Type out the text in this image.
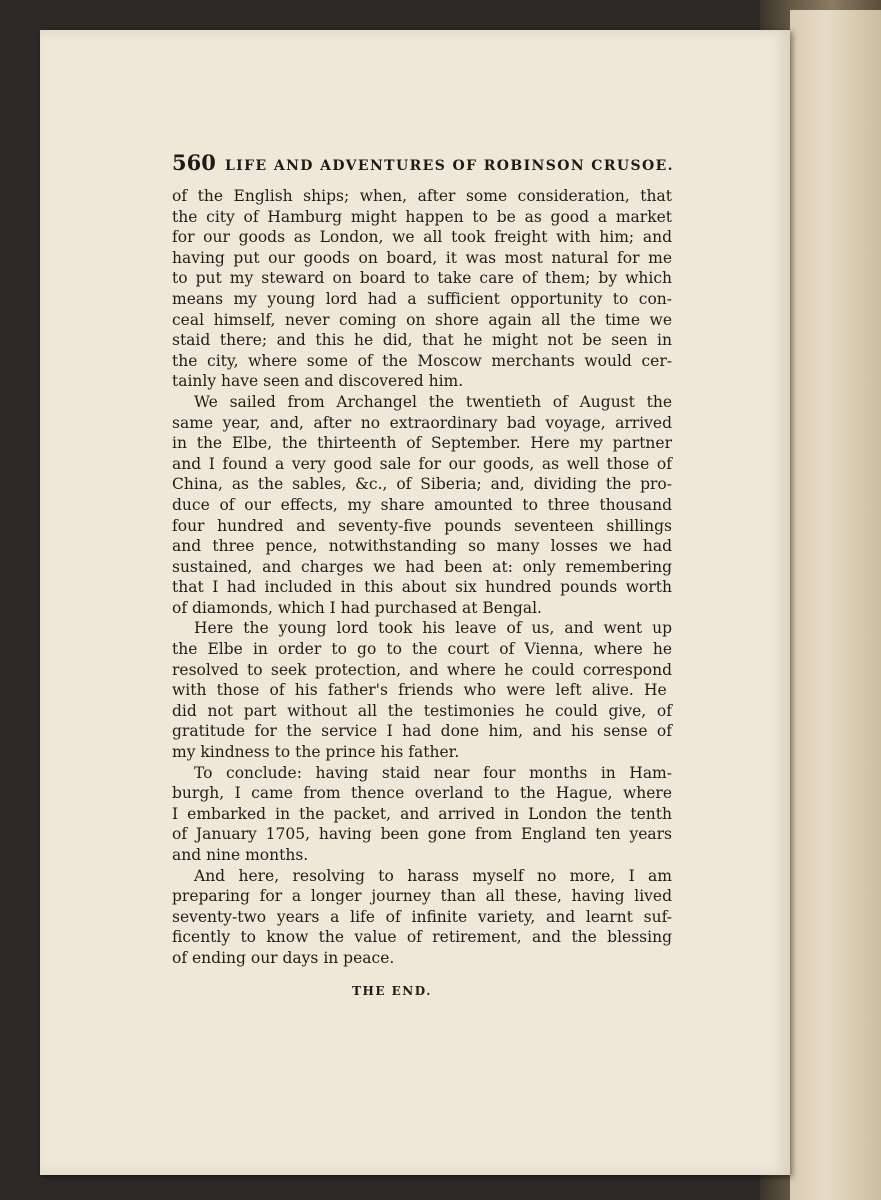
560 LIFE AND ADVENTURES OF ROBINSON CRUSOE.
of the English ships; when, after some consideration, that
the city of Hamburg might happen to be as good a market
for our goods as London, we all took freight with him; and
having put our goods on board, it was most natural for me
to put my steward on board to take care of them; by which
means my young lord had a sufficient opportunity to con-
ceal himself, never coming on shore again all the time we
staid there; and this he did, that he might not be seen in
the city, where some of the Moscow merchants would cer-
tainly have seen and discovered him.
We sailed from Archangel the twentieth of August the
same year, and, after no extraordinary bad voyage, arrived
in the Elbe, the thirteenth of September. Here my partner
and I found a very good sale for our goods, as well those of
China, as the sables, &c., of Siberia; and, dividing the pro-
duce of our effects, my share amounted to three thousand
four hundred and seventy-five pounds seventeen shillings
and three pence, notwithstanding so many losses we had
sustained, and charges we had been at: only remembering
that I had included in this about six hundred pounds worth
of diamonds, which I had purchased at Bengal.
Here the young lord took his leave of us, and went up
the Elbe in order to go to the court of Vienna, where he
resolved to seek protection, and where he could correspond
with those of his father's friends who were left alive. He
did not part without all the testimonies he could give, of
gratitude for the service I had done him, and his sense of
my kindness to the prince his father.
To conclude: having staid near four months in Ham-
burgh, I came from thence overland to the Hague, where
I embarked in the packet, and arrived in London the tenth
of January 1705, having been gone from England ten years
and nine months.
And here, resolving to harass myself no more, I am
preparing for a longer journey than all these, having lived
seventy-two years a life of infinite variety, and learnt suf-
ficently to know the value of retirement, and the blessing
of ending our days in peace.
THE END.
